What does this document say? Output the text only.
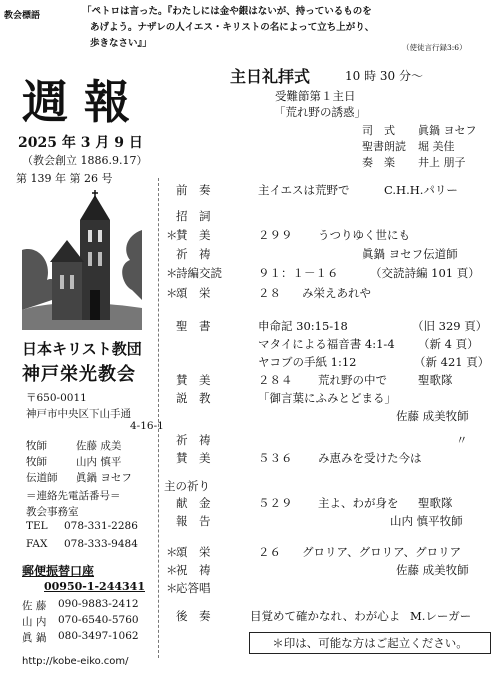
教会標語	「ペトロは言った。『わたしには金や銀はないが、持っているものを
あげよう。ナザレの人イエス・キリストの名によって立ち上がり、
歩きなさい』」	（使徒言行録3:6）
週報
2025 年 3 月 9 日
（教会創立 1886.9.17）
第 139 年 第 26 号
日本キリスト教団
神戸栄光教会
〒650-0011
神戸市中央区下山手通
4-16-1
牧師	佐藤 成美
牧師	山内 慎平
伝道師 眞鍋 ヨセフ
＝連絡先電話番号＝
教会事務室
TEL 078-331-2286
FAX 078-333-9484
郵便振替口座
00950-1-244341
佐 藤 090-9883-2412
山 内 070-6540-5760
眞 鍋 080-3497-1062
http://kobe-eiko.com/
主日礼拝式	10 時 30 分～
受難節第１主日
「荒れ野の誘惑」
司　式 眞鍋 ヨセフ
聖書朗読 堀 美佳
奏　楽 井上 朋子
前　奏	主イエスは荒野で	C.H.H.パリー
招　詞
＊
賛　美	２９９ うつりゆく世にも
祈　祷	眞鍋 ヨセフ伝道師
＊
詩編交読	９１：１－１６	（交読詩編 101 頁）
＊
頌　栄	２８ み栄えあれや
聖　書	申命記 30:15-18	（旧 329 頁）
マタイによる福音書 4:1-4 （新 4 頁）
ヤコブの手紙 1:12	（新 421 頁）
賛　美	２８４ 荒れ野の中で	聖歌隊
説　教	「御言葉にふみとどまる」
佐藤 成美牧師
祈　祷	〃
賛　美	５３６ み恵みを受けた今は
主の祈り
献　金	５２９ 主よ、わが身を 聖歌隊
報　告	山内 慎平牧師
＊
頌　栄	２６ グロリア、グロリア、グロリア
＊
祝　祷	佐藤 成美牧師
＊
応答唱
後　奏	目覚めて確かなれ、わが心よ M.レーガー
＊印は、可能な方はご起立ください。
